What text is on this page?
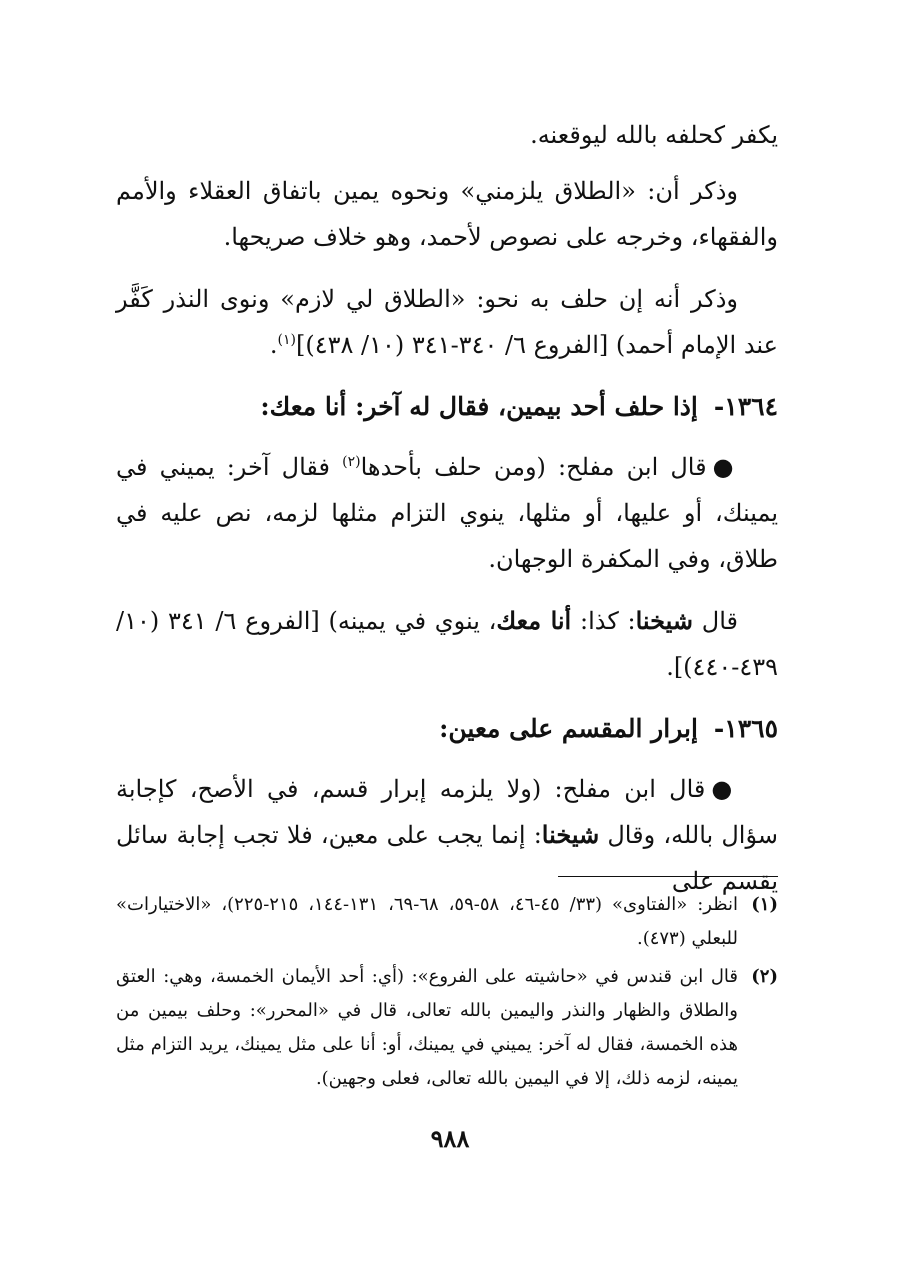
يكفر كحلفه بالله ليوقعنه.

وذكر أن: «الطلاق يلزمني» ونحوه يمين باتفاق العقلاء والأمم والفقهاء، وخرجه على نصوص لأحمد، وهو خلاف صريحها.

وذكر أنه إن حلف به نحو: «الطلاق لي لازم» ونوى النذر كَفَّر عند الإمام أحمد) [الفروع ٦/ ٣٤٠-٣٤١ (١٠/ ٤٣٨)]$^{(١)}$.

١٣٦٤-إذا حلف أحد بيمين، فقال له آخر: أنا معك:

●قال ابن مفلح: (ومن حلف بأحدها$^{(٢)}$ فقال آخر: يميني في يمينك، أو عليها، أو مثلها، ينوي التزام مثلها لزمه، نص عليه في طلاق، وفي المكفرة الوجهان.

قال شيخنا: كذا: أنا معك، ينوي في يمينه) [الفروع ٦/ ٣٤١ (١٠/ ٤٣٩-٤٤٠)].

١٣٦٥-إبرار المقسم على معين:

●قال ابن مفلح: (ولا يلزمه إبرار قسم، في الأصح، كإجابة سؤال بالله، وقال شيخنا: إنما يجب على معين، فلا تجب إجابة سائل يقسم على

(١)
انظر: «الفتاوى» (٣٣/ ٤٥-٤٦، ٥٨-٥٩، ٦٨-٦٩، ١٣١-١٤٤، ٢١٥-٢٢٥)، «الاختيارات» للبعلي (٤٧٣).
(٢)
قال ابن قندس في «حاشيته على الفروع»: (أي: أحد الأيمان الخمسة، وهي: العتق والطلاق والظهار والنذر واليمين بالله تعالى، قال في «المحرر»: وحلف بيمين من هذه الخمسة، فقال له آخر: يميني في يمينك، أو: أنا على مثل يمينك، يريد التزام مثل يمينه، لزمه ذلك، إلا في اليمين بالله تعالى، فعلى وجهين).
٩٨٨
